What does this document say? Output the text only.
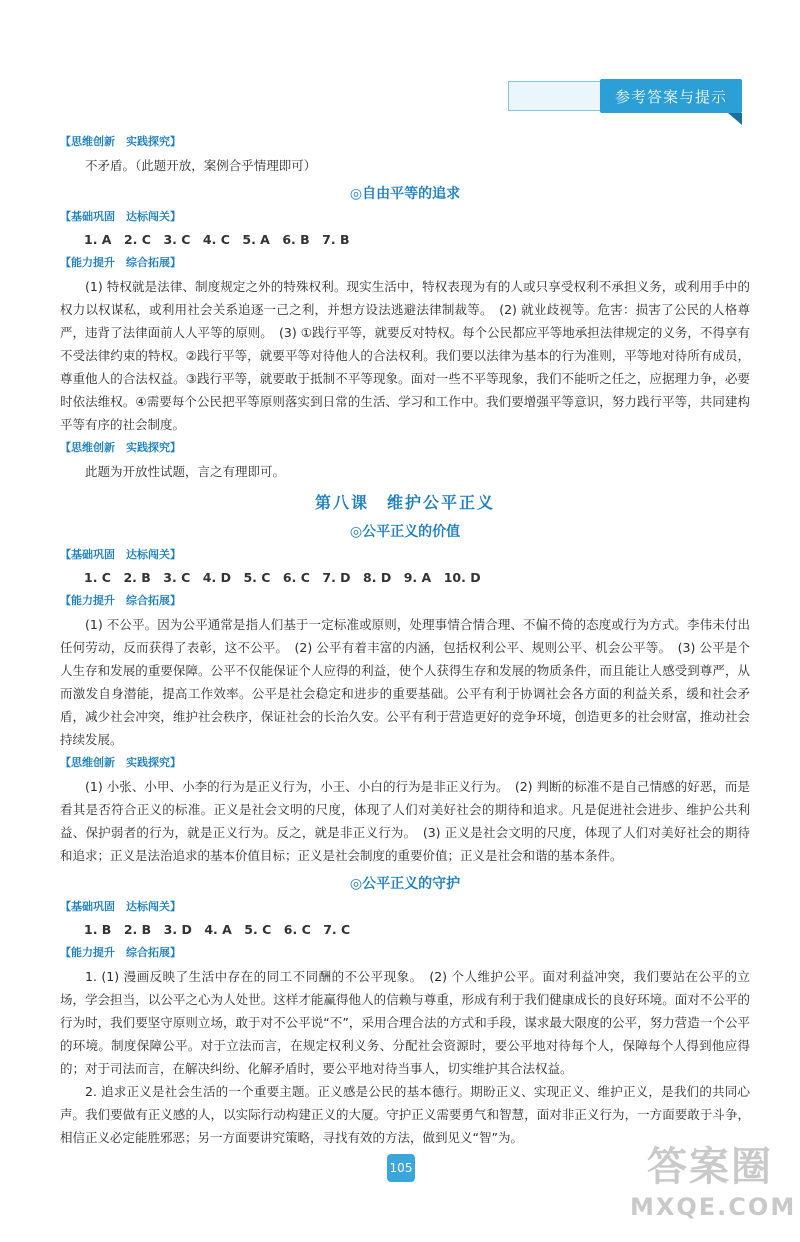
参考答案与提示
【思维创新　实践探究】

不矛盾。（此题开放，案例合乎情理即可）

◎自由平等的追求
【基础巩固　达标闯关】
1. A　2. C　3. C　4. C　5. A　6. B　7. B
【能力提升　综合拓展】

(1) 特权就是法律、制度规定之外的特殊权利。现实生活中，特权表现为有的人或只享受权利不承担义务，或利用手中的权力以权谋私，或利用社会关系追逐一己之利，并想方设法逃避法律制裁等。　(2) 就业歧视等。危害：损害了公民的人格尊严，违背了法律面前人人平等的原则。　(3) ①践行平等，就要反对特权。每个公民都应平等地承担法律规定的义务，不得享有不受法律约束的特权。②践行平等，就要平等对待他人的合法权利。我们要以法律为基本的行为准则，平等地对待所有成员，尊重他人的合法权益。③践行平等，就要敢于抵制不平等现象。面对一些不平等现象，我们不能听之任之，应据理力争，必要时依法维权。④需要每个公民把平等原则落实到日常的生活、学习和工作中。我们要增强平等意识，努力践行平等，共同建构平等有序的社会制度。

【思维创新　实践探究】

此题为开放性试题，言之有理即可。

第八课　维护公平正义
◎公平正义的价值
【基础巩固　达标闯关】
1. C　2. B　3. C　4. D　5. C　6. C　7. D　8. D　9. A　10. D
【能力提升　综合拓展】

(1) 不公平。因为公平通常是指人们基于一定标准或原则，处理事情合情合理、不偏不倚的态度或行为方式。李伟未付出任何劳动，反而获得了表彰，这不公平。　(2) 公平有着丰富的内涵，包括权利公平、规则公平、机会公平等。　(3) 公平是个人生存和发展的重要保障。公平不仅能保证个人应得的利益，使个人获得生存和发展的物质条件，而且能让人感受到尊严，从而激发自身潜能，提高工作效率。公平是社会稳定和进步的重要基础。公平有利于协调社会各方面的利益关系，缓和社会矛盾，减少社会冲突，维护社会秩序，保证社会的长治久安。公平有利于营造更好的竞争环境，创造更多的社会财富，推动社会持续发展。

【思维创新　实践探究】

(1) 小张、小甲、小李的行为是正义行为，小王、小白的行为是非正义行为。　(2) 判断的标准不是自己情感的好恶，而是看其是否符合正义的标准。正义是社会文明的尺度，体现了人们对美好社会的期待和追求。凡是促进社会进步、维护公共利益、保护弱者的行为，就是正义行为。反之，就是非正义行为。　(3) 正义是社会文明的尺度，体现了人们对美好社会的期待和追求；正义是法治追求的基本价值目标；正义是社会制度的重要价值；正义是社会和谐的基本条件。

◎公平正义的守护
【基础巩固　达标闯关】
1. B　2. B　3. D　4. A　5. C　6. C　7. C
【能力提升　综合拓展】

1. (1) 漫画反映了生活中存在的同工不同酬的不公平现象。　(2) 个人维护公平。面对利益冲突，我们要站在公平的立场，学会担当，以公平之心为人处世。这样才能赢得他人的信赖与尊重，形成有利于我们健康成长的良好环境。面对不公平的行为时，我们要坚守原则立场，敢于对不公平说“不”，采用合理合法的方式和手段，谋求最大限度的公平，努力营造一个公平的环境。制度保障公平。对于立法而言，在规定权利义务、分配社会资源时，要公平地对待每个人，保障每个人得到他应得的；对于司法而言，在解决纠纷、化解矛盾时，要公平地对待当事人，切实维护其合法权益。

2. 追求正义是社会生活的一个重要主题。正义感是公民的基本德行。期盼正义、实现正义、维护正义，是我们的共同心声。我们要做有正义感的人，以实际行动构建正义的大厦。守护正义需要勇气和智慧，面对非正义行为，一方面要敢于斗争，相信正义必定能胜邪恶；另一方面要讲究策略，寻找有效的方法，做到见义“智”为。

105	答案圈
MXQE.COM
